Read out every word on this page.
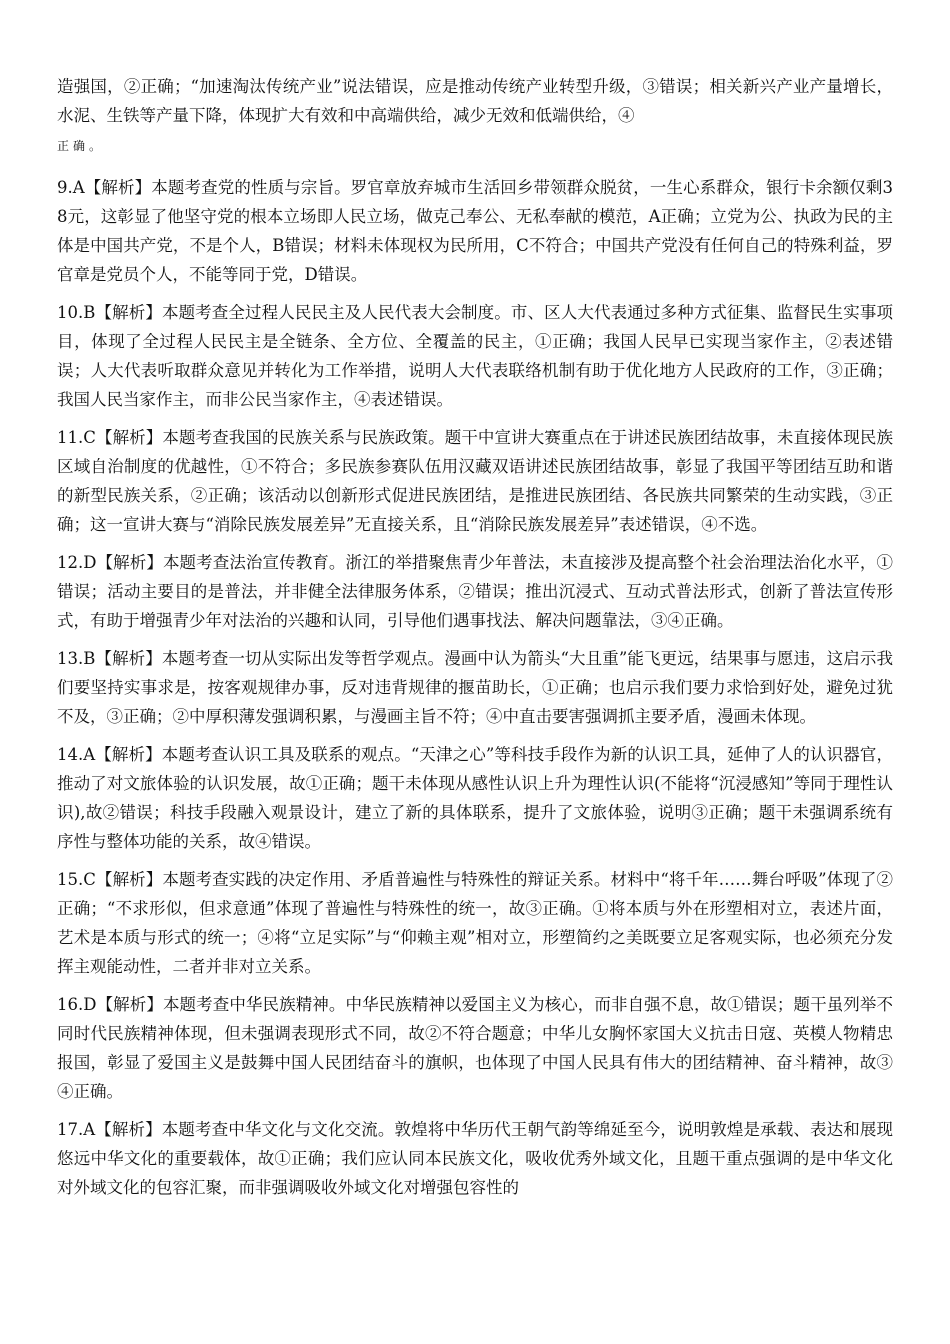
造强国，②正确；“加速淘汰传统产业”说法错误，应是推动传统产业转型升级，③错误；相关新兴产业产量增长，水泥、生铁等产量下降，体现扩大有效和中高端供给，减少无效和低端供给，④
正确。

9.A【解析】本题考查党的性质与宗旨。罗官章放弃城市生活回乡带领群众脱贫，一生心系群众，银行卡余额仅剩38元，这彰显了他坚守党的根本立场即人民立场，做克己奉公、无私奉献的模范，A正确；立党为公、执政为民的主体是中国共产党，不是个人，B错误；材料未体现权为民所用，C不符合；中国共产党没有任何自己的特殊利益，罗官章是党员个人，不能等同于党，D错误。

10.B【解析】本题考查全过程人民民主及人民代表大会制度。市、区人大代表通过多种方式征集、监督民生实事项目，体现了全过程人民民主是全链条、全方位、全覆盖的民主，①正确；我国人民早已实现当家作主，②表述错误；人大代表听取群众意见并转化为工作举措，说明人大代表联络机制有助于优化地方人民政府的工作，③正确；我国人民当家作主，而非公民当家作主，④表述错误。

11.C【解析】本题考查我国的民族关系与民族政策。题干中宣讲大赛重点在于讲述民族团结故事，未直接体现民族区域自治制度的优越性，①不符合；多民族参赛队伍用汉藏双语讲述民族团结故事，彰显了我国平等团结互助和谐的新型民族关系，②正确；该活动以创新形式促进民族团结，是推进民族团结、各民族共同繁荣的生动实践，③正确；这一宣讲大赛与“消除民族发展差异”无直接关系，且“消除民族发展差异”表述错误，④不选。

12.D【解析】本题考查法治宣传教育。浙江的举措聚焦青少年普法，未直接涉及提高整个社会治理法治化水平，①错误；活动主要目的是普法，并非健全法律服务体系，②错误；推出沉浸式、互动式普法形式，创新了普法宣传形式，有助于增强青少年对法治的兴趣和认同，引导他们遇事找法、解决问题靠法，③④正确。

13.B【解析】本题考查一切从实际出发等哲学观点。漫画中认为箭头“大且重”能飞更远，结果事与愿违，这启示我们要坚持实事求是，按客观规律办事，反对违背规律的揠苗助长，①正确；也启示我们要力求恰到好处，避免过犹不及，③正确；②中厚积薄发强调积累，与漫画主旨不符；④中直击要害强调抓主要矛盾，漫画未体现。

14.A【解析】本题考查认识工具及联系的观点。“天津之心”等科技手段作为新的认识工具，延伸了人的认识器官，推动了对文旅体验的认识发展，故①正确；题干未体现从感性认识上升为理性认识(不能将“沉浸感知”等同于理性认识),故②错误；科技手段融入观景设计，建立了新的具体联系，提升了文旅体验，说明③正确；题干未强调系统有序性与整体功能的关系，故④错误。

15.C【解析】本题考查实践的决定作用、矛盾普遍性与特殊性的辩证关系。材料中“将千年……舞台呼吸”体现了②正确；“不求形似，但求意通”体现了普遍性与特殊性的统一，故③正确。①将本质与外在形塑相对立，表述片面，艺术是本质与形式的统一；④将“立足实际”与“仰赖主观”相对立，形塑简约之美既要立足客观实际，也必须充分发挥主观能动性，二者并非对立关系。

16.D【解析】本题考查中华民族精神。中华民族精神以爱国主义为核心，而非自强不息，故①错误；题干虽列举不同时代民族精神体现，但未强调表现形式不同，故②不符合题意；中华儿女胸怀家国大义抗击日寇、英模人物精忠报国，彰显了爱国主义是鼓舞中国人民团结奋斗的旗帜，也体现了中国人民具有伟大的团结精神、奋斗精神，故③④正确。

17.A【解析】本题考查中华文化与文化交流。敦煌将中华历代王朝气韵等绵延至今，说明敦煌是承载、表达和展现悠远中华文化的重要载体，故①正确；我们应认同本民族文化，吸收优秀外域文化，且题干重点强调的是中华文化对外域文化的包容汇聚，而非强调吸收外域文化对增强包容性的
